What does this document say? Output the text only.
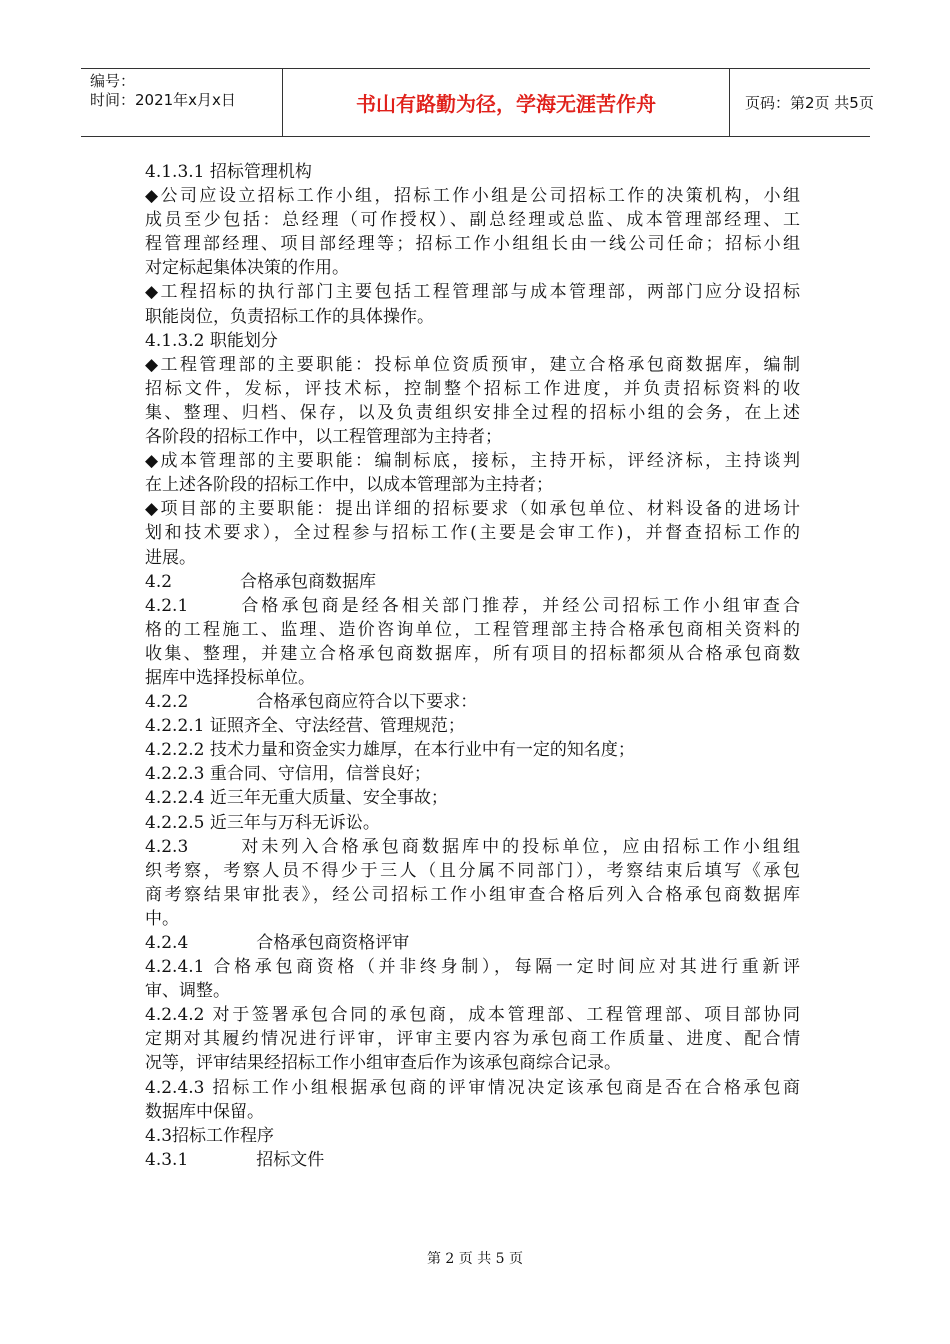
编号：
时间：2021年x月x日	书山有路勤为径，学海无涯苦作舟	页码：第2页 共5页
4.1.3.1 招标管理机构
◆公司应设立招标工作小组，招标工作小组是公司招标工作的决策机构，小组
成员至少包括：总经理（可作授权）、副总经理或总监、成本管理部经理、工
程管理部经理、项目部经理等；招标工作小组组长由一线公司任命；招标小组
对定标起集体决策的作用。
◆工程招标的执行部门主要包括工程管理部与成本管理部，两部门应分设招标
职能岗位，负责招标工作的具体操作。
4.1.3.2 职能划分
◆工程管理部的主要职能：投标单位资质预审，建立合格承包商数据库，编制
招标文件，发标，评技术标，控制整个招标工作进度，并负责招标资料的收
集、整理、归档、保存，以及负责组织安排全过程的招标小组的会务，在上述
各阶段的招标工作中，以工程管理部为主持者；
◆成本管理部的主要职能：编制标底，接标，主持开标，评经济标，主持谈判
在上述各阶段的招标工作中，以成本管理部为主持者；
◆项目部的主要职能：提出详细的招标要求（如承包单位、材料设备的进场计
划和技术要求），全过程参与招标工作(主要是会审工作)，并督查招标工作的
进展。
4.2	合格承包商数据库
4.2.1	合格承包商是经各相关部门推荐，并经公司招标工作小组审查合
格的工程施工、监理、造价咨询单位，工程管理部主持合格承包商相关资料的
收集、整理，并建立合格承包商数据库，所有项目的招标都须从合格承包商数
据库中选择投标单位。
4.2.2	合格承包商应符合以下要求：
4.2.2.1 证照齐全、守法经营、管理规范；
4.2.2.2 技术力量和资金实力雄厚，在本行业中有一定的知名度；
4.2.2.3 重合同、守信用，信誉良好；
4.2.2.4 近三年无重大质量、安全事故；
4.2.2.5 近三年与万科无诉讼。
4.2.3	对未列入合格承包商数据库中的投标单位，应由招标工作小组组
织考察，考察人员不得少于三人（且分属不同部门），考察结束后填写《承包
商考察结果审批表》，经公司招标工作小组审查合格后列入合格承包商数据库
中。
4.2.4	合格承包商资格评审
4.2.4.1 合格承包商资格（并非终身制），每隔一定时间应对其进行重新评
审、调整。
4.2.4.2 对于签署承包合同的承包商，成本管理部、工程管理部、项目部协同
定期对其履约情况进行评审，评审主要内容为承包商工作质量、进度、配合情
况等，评审结果经招标工作小组审查后作为该承包商综合记录。
4.2.4.3 招标工作小组根据承包商的评审情况决定该承包商是否在合格承包商
数据库中保留。
4.3招标工作程序
4.3.1	招标文件
第 2 页 共 5 页
